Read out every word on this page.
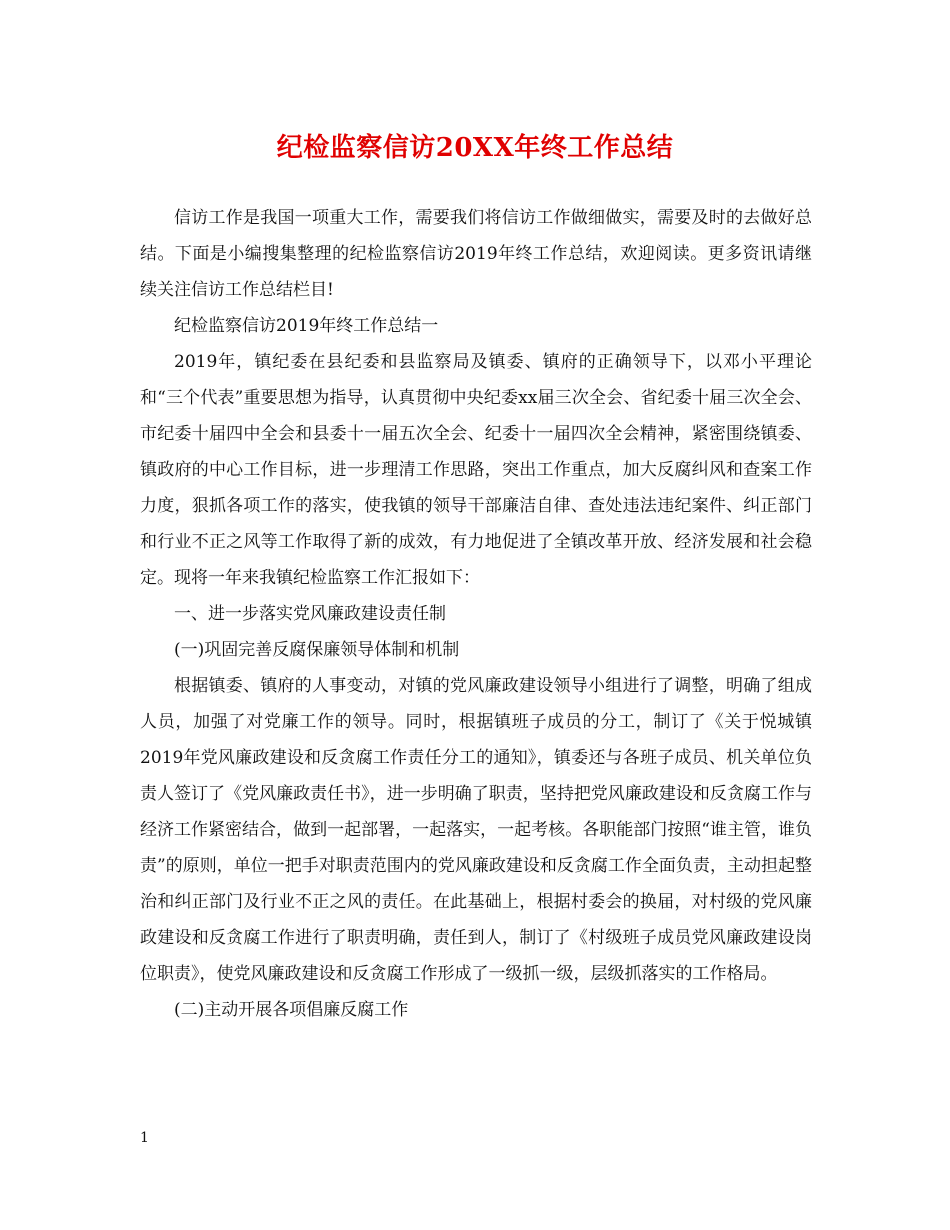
纪检监察信访20XX年终工作总结

信访工作是我国一项重大工作，需要我们将信访工作做细做实，需要及时的去做好总结。下面是小编搜集整理的纪检监察信访2019年终工作总结，欢迎阅读。更多资讯请继续关注信访工作总结栏目!

纪检监察信访2019年终工作总结一

2019年，镇纪委在县纪委和县监察局及镇委、镇府的正确领导下，以邓小平理论和“三个代表”重要思想为指导，认真贯彻中央纪委xx届三次全会、省纪委十届三次全会、市纪委十届四中全会和县委十一届五次全会、纪委十一届四次全会精神，紧密围绕镇委、镇政府的中心工作目标，进一步理清工作思路，突出工作重点，加大反腐纠风和查案工作力度，狠抓各项工作的落实，使我镇的领导干部廉洁自律、查处违法违纪案件、纠正部门和行业不正之风等工作取得了新的成效，有力地促进了全镇改革开放、经济发展和社会稳定。现将一年来我镇纪检监察工作汇报如下：

一、进一步落实党风廉政建设责任制

(一)巩固完善反腐保廉领导体制和机制

根据镇委、镇府的人事变动，对镇的党风廉政建设领导小组进行了调整，明确了组成人员，加强了对党廉工作的领导。同时，根据镇班子成员的分工，制订了《关于悦城镇2019年党风廉政建设和反贪腐工作责任分工的通知》，镇委还与各班子成员、机关单位负责人签订了《党风廉政责任书》，进一步明确了职责，坚持把党风廉政建设和反贪腐工作与经济工作紧密结合，做到一起部署，一起落实，一起考核。各职能部门按照“谁主管，谁负责”的原则，单位一把手对职责范围内的党风廉政建设和反贪腐工作全面负责，主动担起整治和纠正部门及行业不正之风的责任。在此基础上，根据村委会的换届，对村级的党风廉政建设和反贪腐工作进行了职责明确，责任到人，制订了《村级班子成员党风廉政建设岗位职责》，使党风廉政建设和反贪腐工作形成了一级抓一级，层级抓落实的工作格局。

(二)主动开展各项倡廉反腐工作

1
